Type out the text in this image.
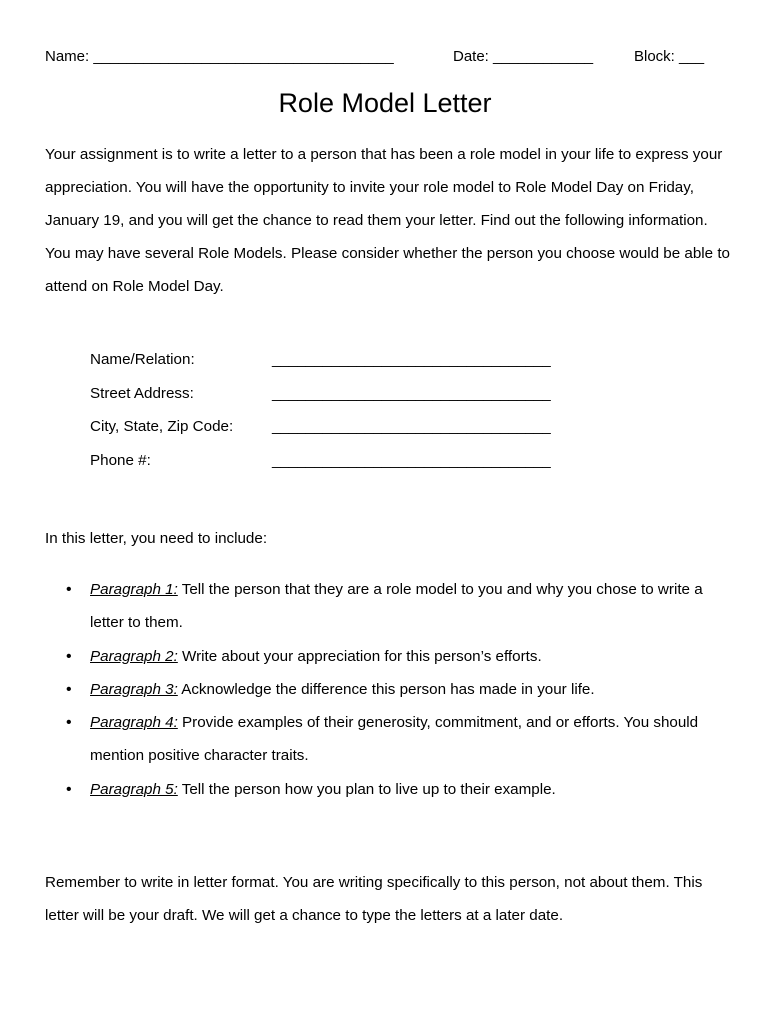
Name: ____________________________________	Date: ____________	Block: ___
Role Model Letter

Your assignment is to write a letter to a person that has been a role model in your life to express your appreciation. You will have the opportunity to invite your role model to Role Model Day on Friday, January 19, and you will get the chance to read them your letter. Find out the following information. You may have several Role Models. Please consider whether the person you choose would be able to attend on Role Model Day.

Name/Relation:	_________________________________
Street Address:	_________________________________
City, State, Zip Code:	_________________________________
Phone #:	_________________________________

In this letter, you need to include:

• Paragraph 1: Tell the person that they are a role model to you and why you chose to write a letter to them.
• Paragraph 2: Write about your appreciation for this person’s efforts.
• Paragraph 3: Acknowledge the difference this person has made in your life.
• Paragraph 4: Provide examples of their generosity, commitment, and or efforts. You should mention positive character traits.
• Paragraph 5: Tell the person how you plan to live up to their example.

Remember to write in letter format. You are writing specifically to this person, not about them. This letter will be your draft. We will get a chance to type the letters at a later date.
